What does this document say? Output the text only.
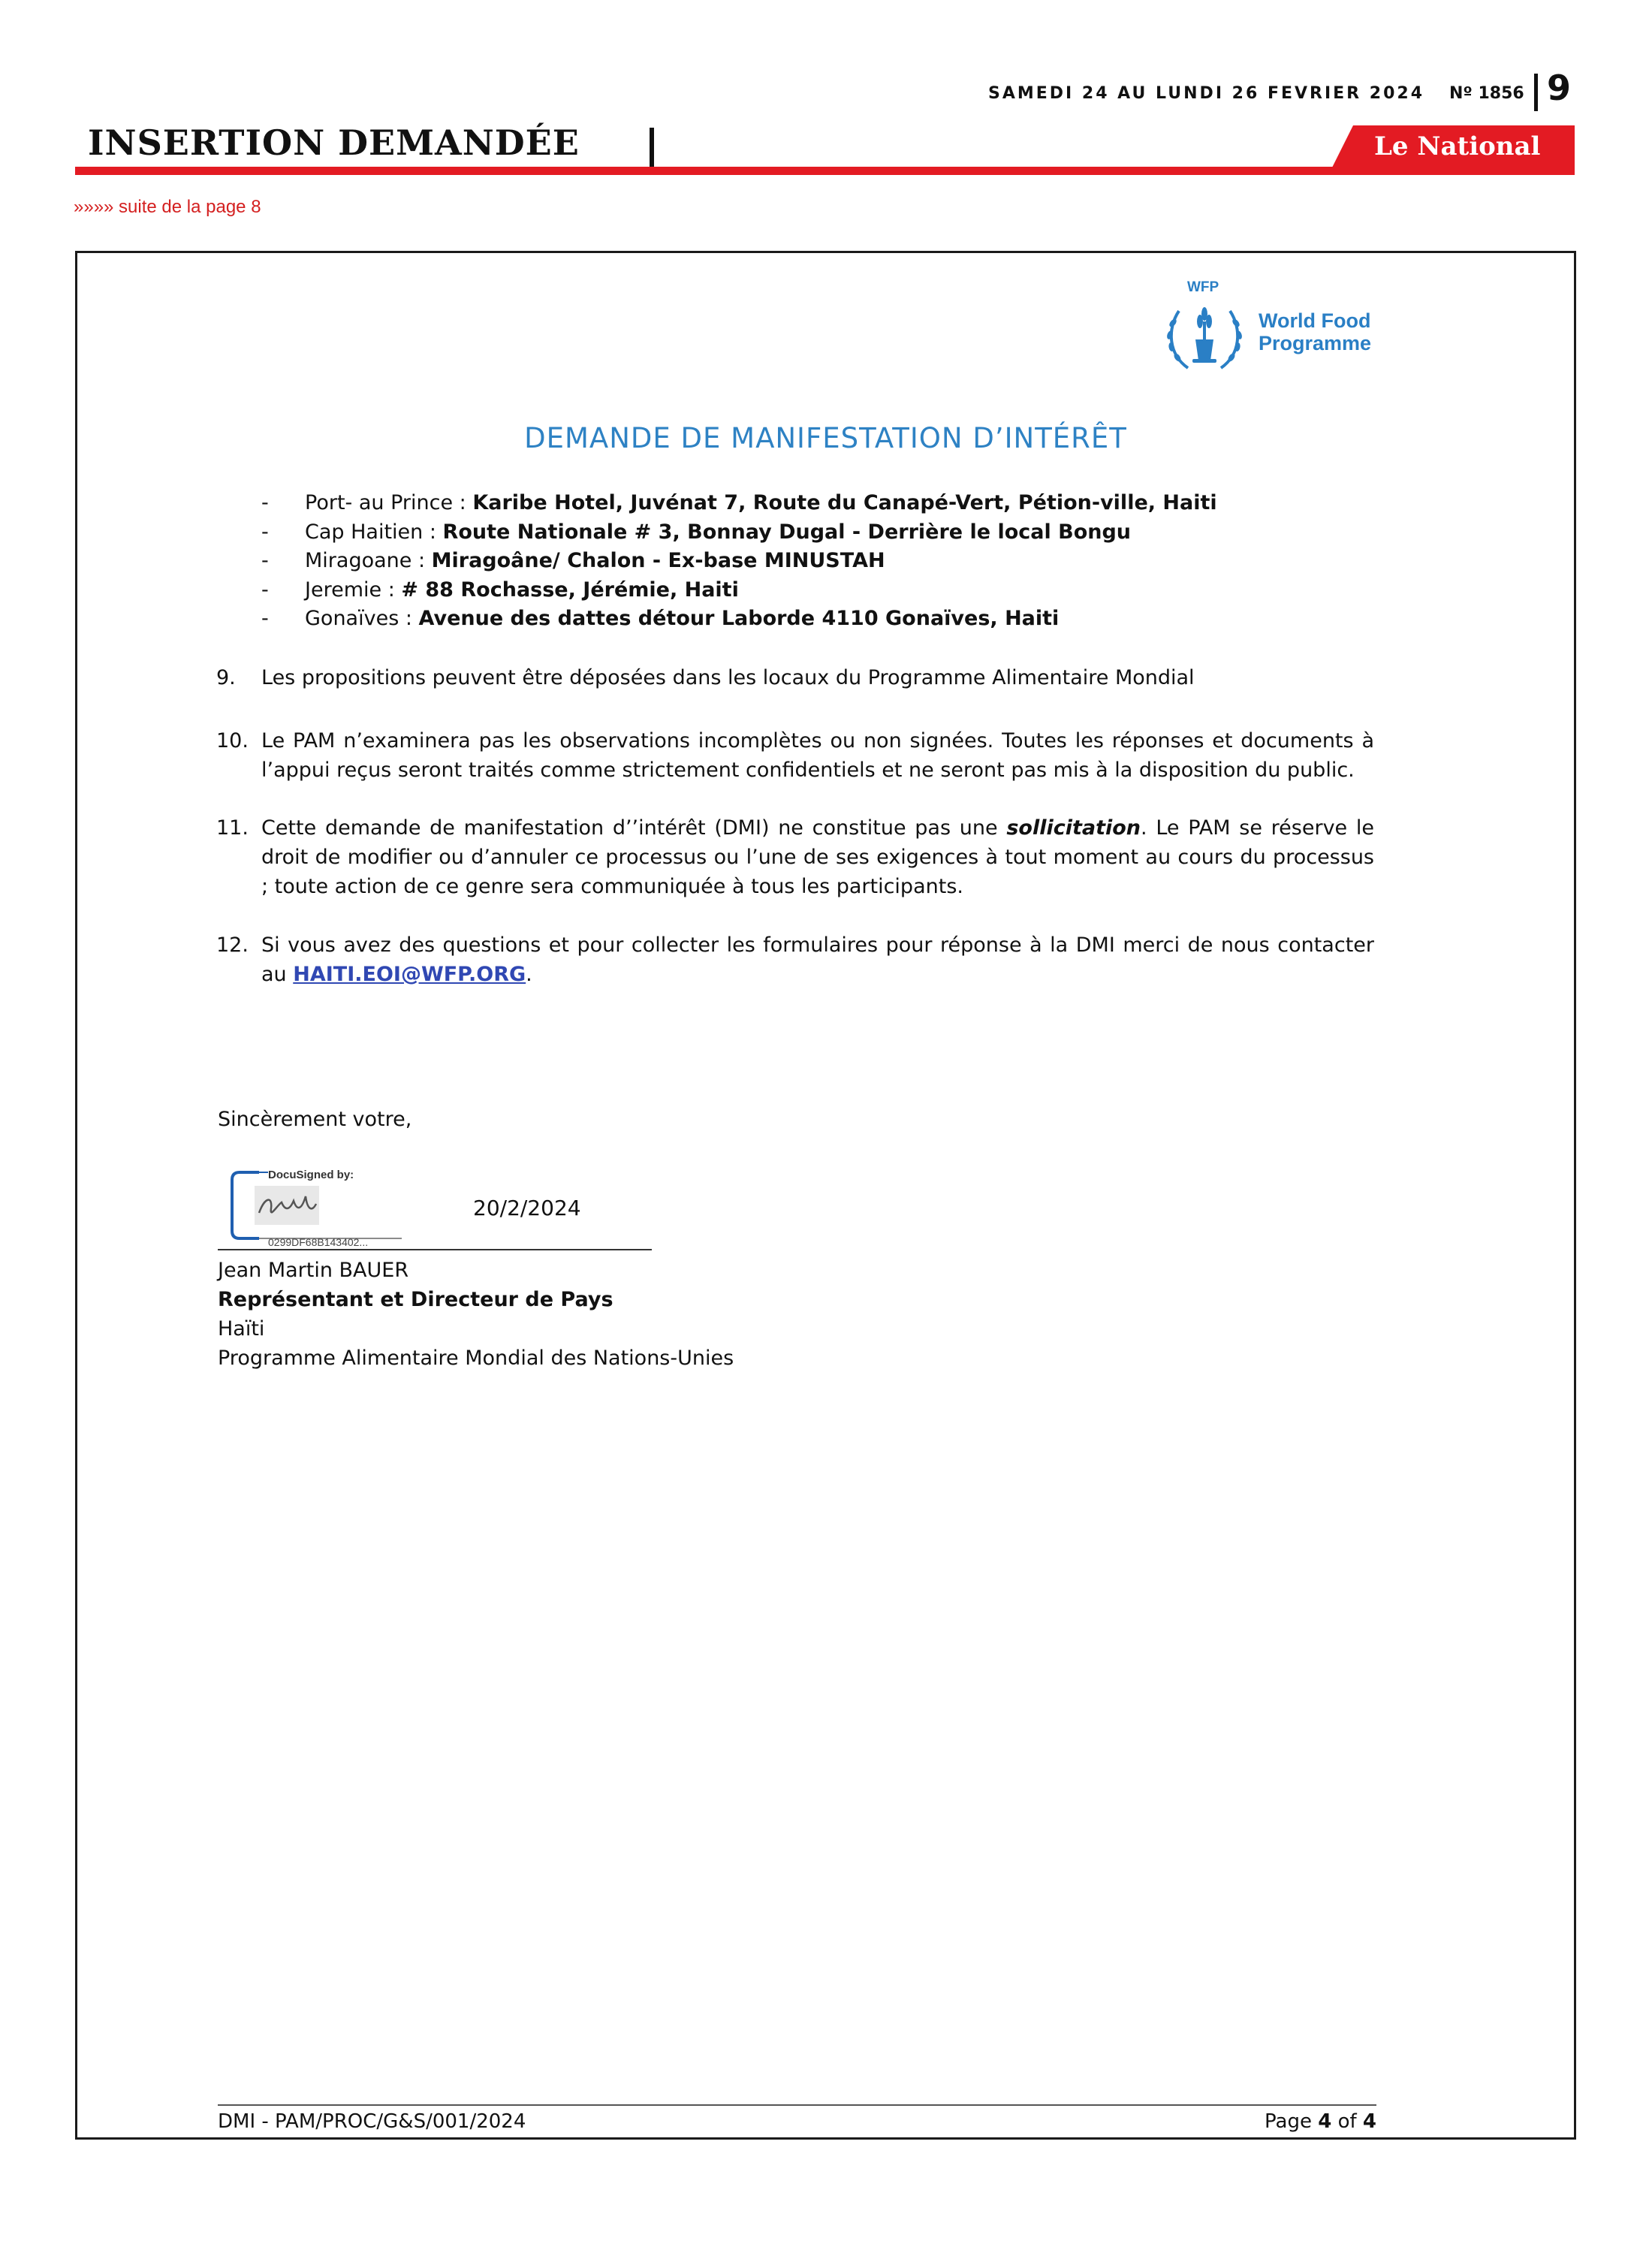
SAMEDI 24 AU LUNDI 26 FEVRIER 2024 Nº 1856 9
INSERTION DEMANDÉE	Le National
»»»» suite de la page 8
WFP
World Food
Programme
DEMANDE DE MANIFESTATION D’INTÉRÊT
- Port- au Prince : Karibe Hotel, Juvénat 7, Route du Canapé-Vert, Pétion-ville, Haiti
- Cap Haitien : Route Nationale # 3, Bonnay Dugal - Derrière le local Bongu
- Miragoane : Miragoâne/ Chalon - Ex-base MINUSTAH
- Jeremie : # 88 Rochasse, Jérémie, Haiti
- Gonaïves : Avenue des dattes détour Laborde 4110 Gonaïves, Haiti
9. Les propositions peuvent être déposées dans les locaux du Programme Alimentaire Mondial
10. Le PAM n’examinera pas les observations incomplètes ou non signées. Toutes les réponses et documents à l’appui reçus seront traités comme strictement confidentiels et ne seront pas mis à la disposition du public.
11. Cette demande de manifestation d’’intérêt (DMI) ne constitue pas une sollicitation. Le PAM se réserve le droit de modifier ou d’annuler ce processus ou l’une de ses exigences à tout moment au cours du processus ; toute action de ce genre sera communiquée à tous les participants.
12. Si vous avez des questions et pour collecter les formulaires pour réponse à la DMI merci de nous contacter au HAITI.EOI@WFP.ORG.
Sincèrement votre,
DocuSigned by:
0299DF68B143402...
20/2/2024
Jean Martin BAUER
Représentant et Directeur de Pays
Haïti
Programme Alimentaire Mondial des Nations-Unies
DMI - PAM/PROC/G&S/001/2024	Page 4 of 4
